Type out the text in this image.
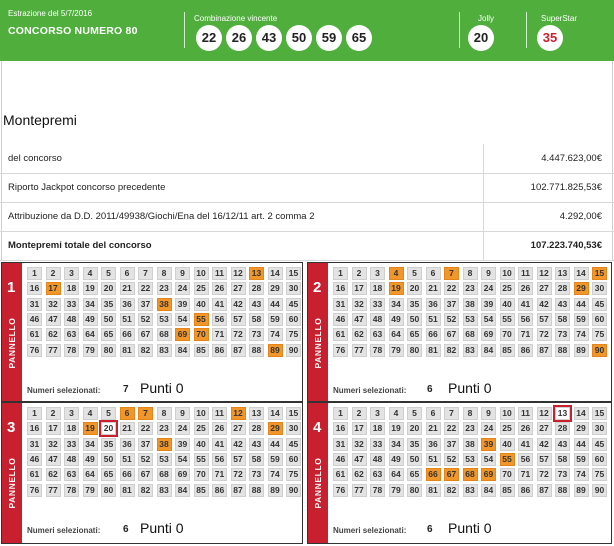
Estrazione del 5/7/2016
CONCORSO NUMERO 80
Combinazione vincente
22	26	43	50	59	65
Jolly
20
SuperStar
35
Montepremi
del concorso	4.447.623,00€
Riporto Jackpot concorso precedente	102.771.825,53€
Attribuzione da D.D. 2011/49938/Giochi/Ena del 16/12/11 art. 2 comma 2	4.292,00€
Montepremi totale del concorso	107.223.740,53€
1
PANNELLO
1	2	3	4	5	6	7	8	9	10	11	12	13	14	15
16	17	18	19	20	21	22	23	24	25	26	27	28	29	30
31	32	33	34	35	36	37	38	39	40	41	42	43	44	45
46	47	48	49	50	51	52	53	54	55	56	57	58	59	60
61	62	63	64	65	66	67	68	69	70	71	72	73	74	75
76	77	78	79	80	81	82	83	84	85	86	87	88	89	90
Numeri selezionati: 7 Punti 0
2
PANNELLO
1	2	3	4	5	6	7	8	9	10	11	12	13	14	15
16	17	18	19	20	21	22	23	24	25	26	27	28	29	30
31	32	33	34	35	36	37	38	39	40	41	42	43	44	45
46	47	48	49	50	51	52	53	54	55	56	57	58	59	60
61	62	63	64	65	66	67	68	69	70	71	72	73	74	75
76	77	78	79	80	81	82	83	84	85	86	87	88	89	90
Numeri selezionati: 6 Punti 0
3
PANNELLO
1	2	3	4	5	6	7	8	9	10	11	12	13	14	15
16	17	18	19	20	21	22	23	24	25	26	27	28	29	30
31	32	33	34	35	36	37	38	39	40	41	42	43	44	45
46	47	48	49	50	51	52	53	54	55	56	57	58	59	60
61	62	63	64	65	66	67	68	69	70	71	72	73	74	75
76	77	78	79	80	81	82	83	84	85	86	87	88	89	90
Numeri selezionati: 6 Punti 0
4
PANNELLO
1	2	3	4	5	6	7	8	9	10	11	12	13	14	15
16	17	18	19	20	21	22	23	24	25	26	27	28	29	30
31	32	33	34	35	36	37	38	39	40	41	42	43	44	45
46	47	48	49	50	51	52	53	54	55	56	57	58	59	60
61	62	63	64	65	66	67	68	69	70	71	72	73	74	75
76	77	78	79	80	81	82	83	84	85	86	87	88	89	90
Numeri selezionati: 6 Punti 0
